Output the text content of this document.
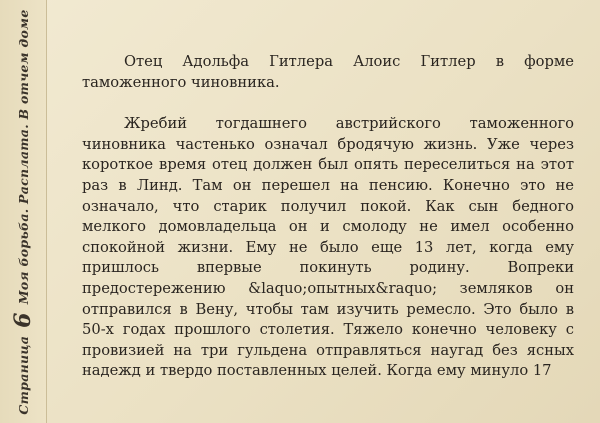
Страница
6
Моя борьба. Расплата. В отчем доме	Отец Адольфа Гитлера Алоис Гитлер в форме таможенного чиновника.

Жребий тогдашнего австрийского таможенного чиновника частенько означал бродячую жизнь. Уже через короткое время отец должен был опять переселиться на этот раз в Линд. Там он перешел на пенсию. Конечно это не означало, что старик получил покой. Как сын бедного мелкого домовладельца он и смолоду не имел особенно спокойной жизни. Ему не было еще 13 лет, когда ему пришлось впервые покинуть родину. Вопреки предостережению &laquo;опытных&raquo; земляков он отправился в Вену, чтобы там изучить ремесло. Это было в 50-х годах прошлого столетия. Тяжело конечно человеку с провизией на три гульдена отправляться наугад без ясных надежд и твердо поставленных целей. Когда ему минуло 17
